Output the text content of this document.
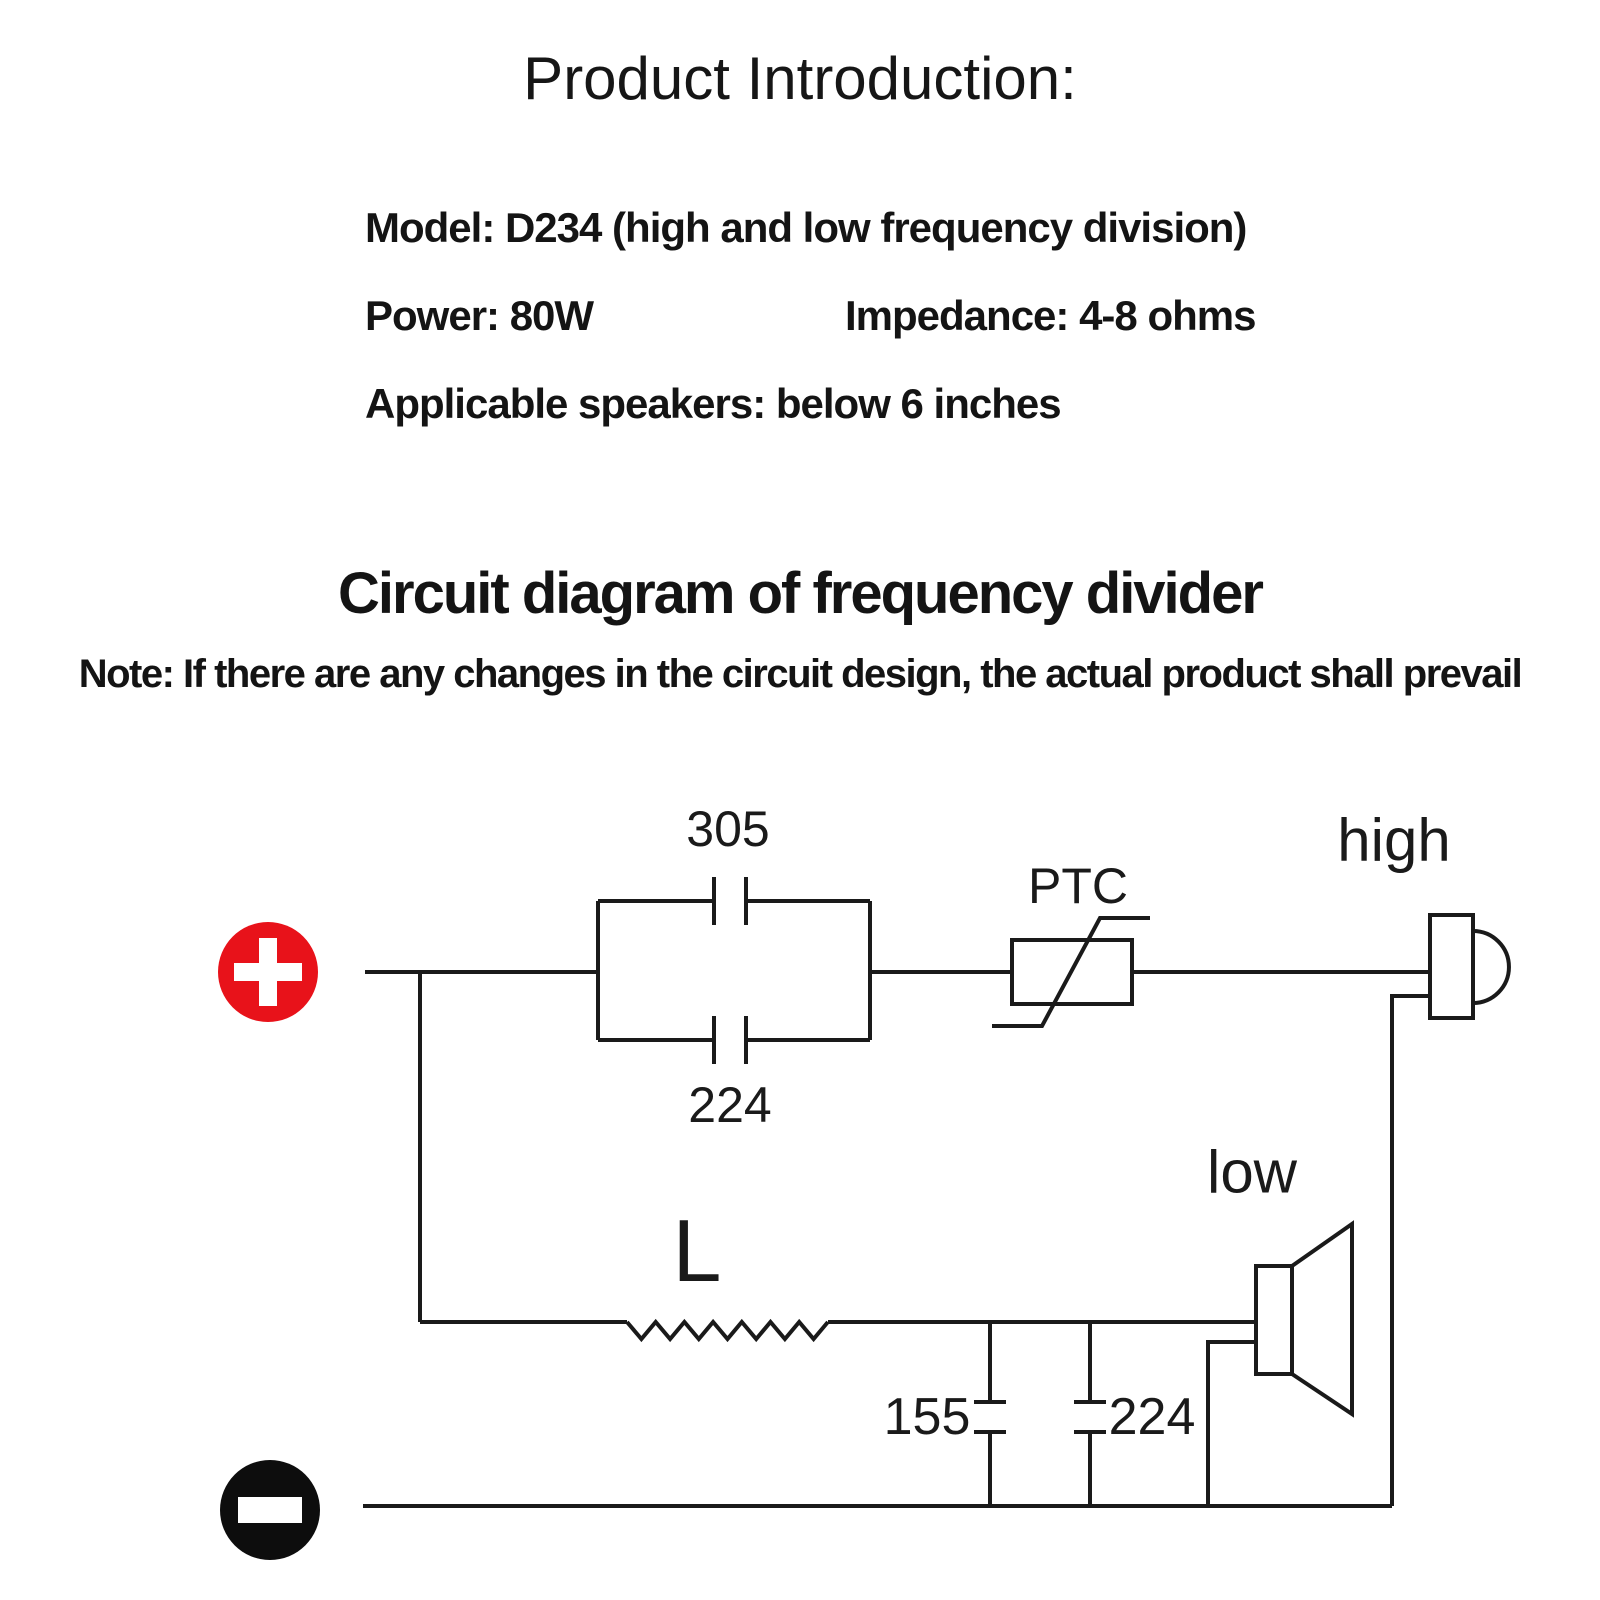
Product Introduction:
Model: D234 (high and low frequency division)
Power: 80W	Impedance: 4-8 ohms
Applicable speakers: below 6 inches
Circuit diagram of frequency divider
Note: If there are any changes in the circuit design, the actual product shall prevail
305
224
PTC
high
low
L
155	224
